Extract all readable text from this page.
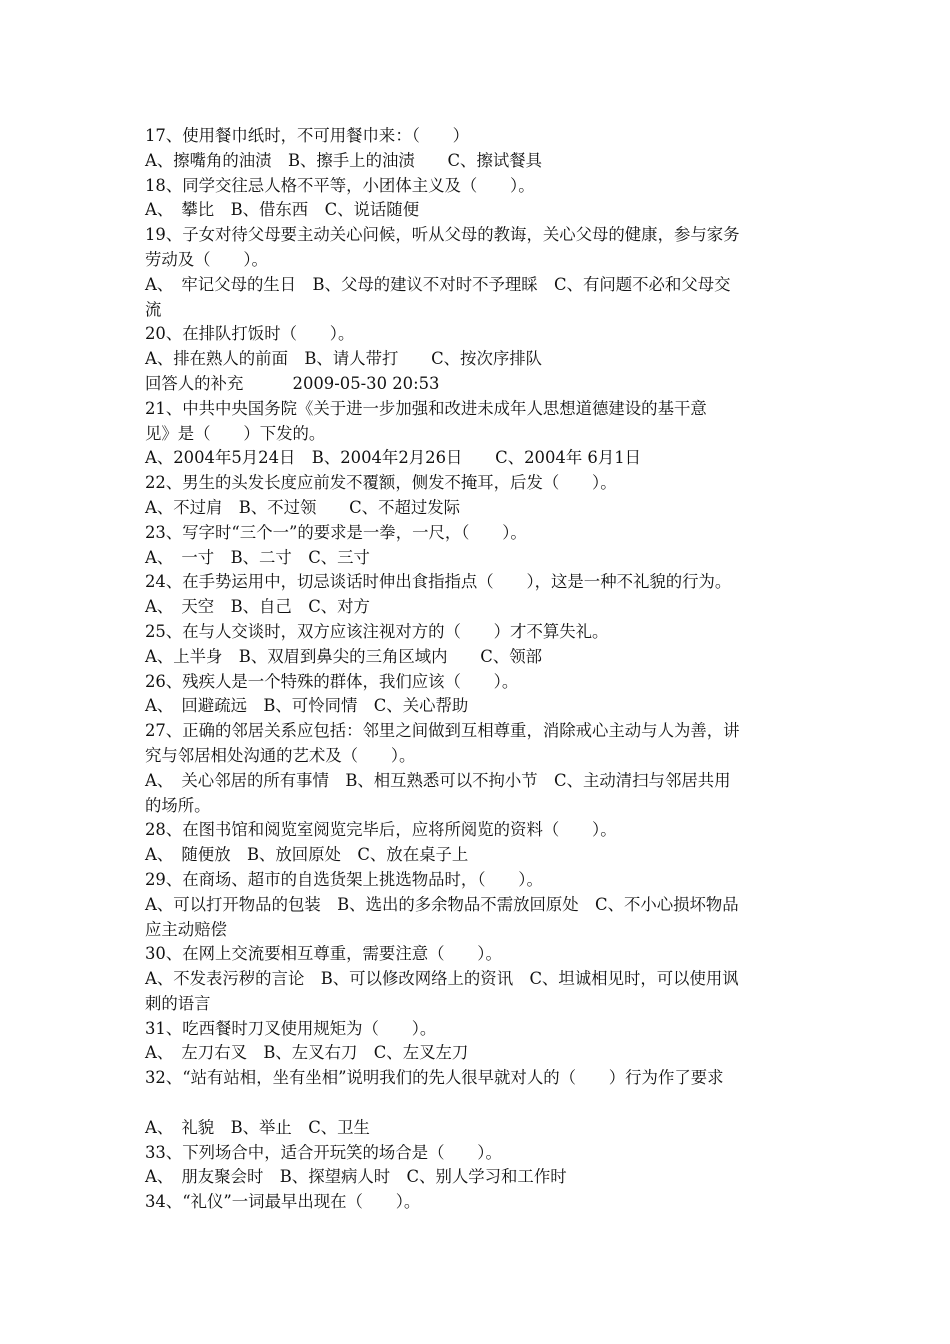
17、使用餐巾纸时，不可用餐巾来：（　　）
A、擦嘴角的油渍　B、擦手上的油渍　　C、擦试餐具
18、同学交往忌人格不平等，小团体主义及（　　）。
A、　攀比　B、借东西　C、说话随便
19、子女对待父母要主动关心问候，听从父母的教诲，关心父母的健康，参与家务
劳动及（　　）。
A、　牢记父母的生日　B、父母的建议不对时不予理睬　C、有问题不必和父母交
流
20、在排队打饭时（　　）。
A、排在熟人的前面　B、请人带打　　C、按次序排队
回答人的补充　　　2009-05-30 20:53
21、中共中央国务院《关于进一步加强和改进未成年人思想道德建设的基干意
见》是（　　）下发的。
A、2004年5月24日　B、2004年2月26日　　C、2004年 6月1日
22、男生的头发长度应前发不覆额，侧发不掩耳，后发（　　）。
A、不过肩　B、不过领　　C、不超过发际
23、写字时“三个一”的要求是一拳，一尺，（　　）。
A、　一寸　B、二寸　C、三寸
24、在手势运用中，切忌谈话时伸出食指指点（　　），这是一种不礼貌的行为。
A、　天空　B、自己　C、对方
25、在与人交谈时，双方应该注视对方的（　　）才不算失礼。
A、上半身　B、双眉到鼻尖的三角区域内　　C、领部
26、残疾人是一个特殊的群体，我们应该（　　）。
A、　回避疏远　B、可怜同情　C、关心帮助
27、正确的邻居关系应包括：邻里之间做到互相尊重，消除戒心主动与人为善，讲
究与邻居相处沟通的艺术及（　　）。
A、　关心邻居的所有事情　B、相互熟悉可以不拘小节　C、主动清扫与邻居共用
的场所。
28、在图书馆和阅览室阅览完毕后，应将所阅览的资料（　　）。
A、　随便放　B、放回原处　C、放在桌子上
29、在商场、超市的自选货架上挑选物品时，（　　）。
A、可以打开物品的包装　B、选出的多余物品不需放回原处　C、不小心损坏物品
应主动赔偿
30、在网上交流要相互尊重，需要注意（　　）。
A、不发表污秽的言论　B、可以修改网络上的资讯　C、坦诚相见时，可以使用讽
刺的语言
31、吃西餐时刀叉使用规矩为（　　）。
A、　左刀右叉　B、左叉右刀　C、左叉左刀
32、“站有站相，坐有坐相”说明我们的先人很早就对人的（　　）行为作了要求
A、　礼貌　B、举止　C、卫生
33、下列场合中，适合开玩笑的场合是（　　）。
A、　朋友聚会时　B、探望病人时　C、别人学习和工作时
34、“礼仪”一词最早出现在（　　）。
